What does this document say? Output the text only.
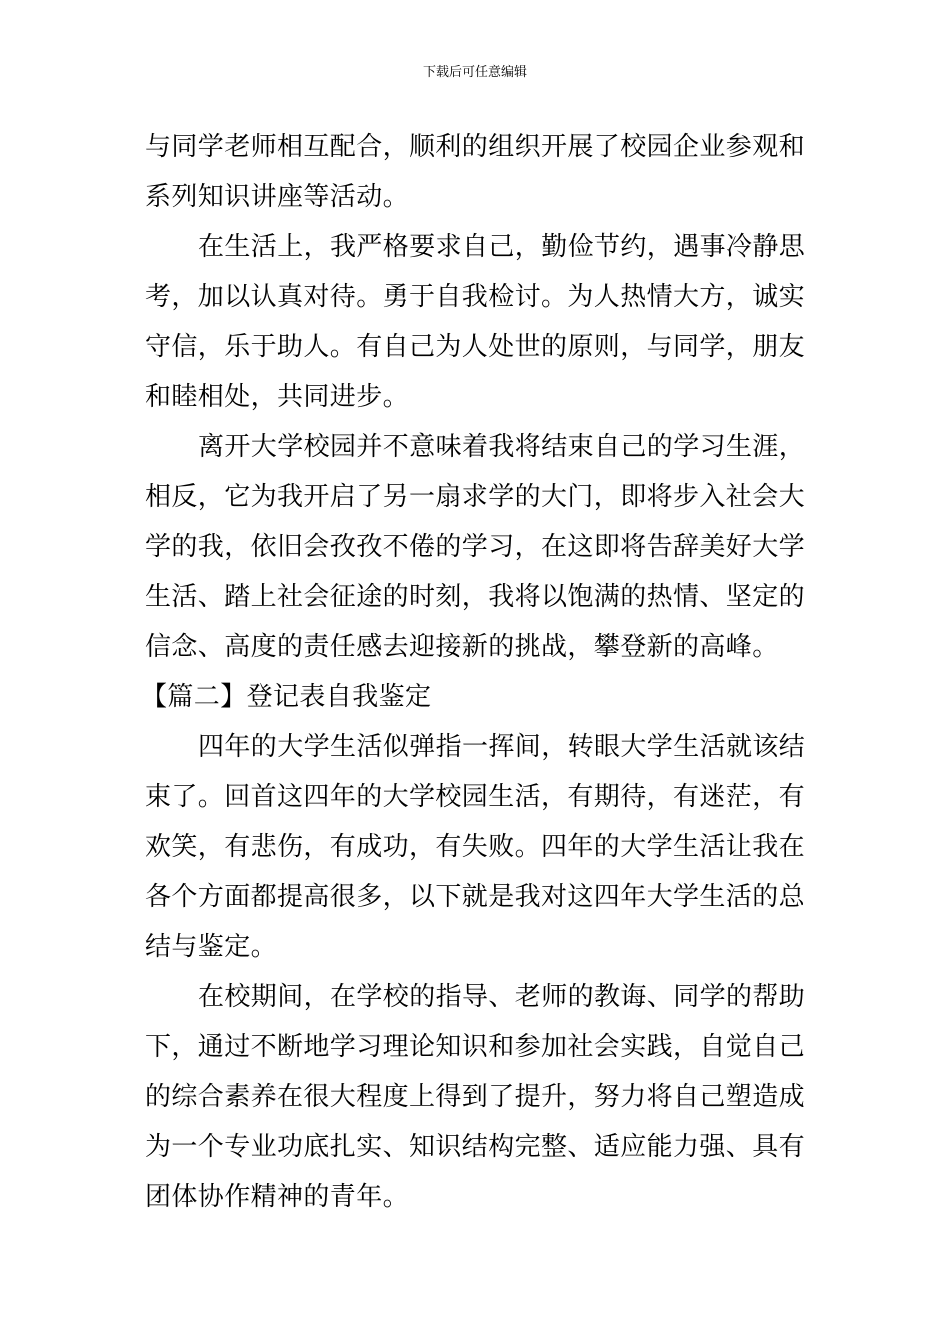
下载后可任意编辑
与同学老师相互配合，顺利的组织开展了校园企业参观和
系列知识讲座等活动。
在生活上，我严格要求自己，勤俭节约，遇事冷静思
考，加以认真对待。勇于自我检讨。为人热情大方，诚实
守信，乐于助人。有自己为人处世的原则，与同学，朋友
和睦相处，共同进步。
离开大学校园并不意味着我将结束自己的学习生涯，
相反，它为我开启了另一扇求学的大门，即将步入社会大
学的我，依旧会孜孜不倦的学习，在这即将告辞美好大学
生活、踏上社会征途的时刻，我将以饱满的热情、坚定的
信念、高度的责任感去迎接新的挑战，攀登新的高峰。
【篇二】登记表自我鉴定
四年的大学生活似弹指一挥间，转眼大学生活就该结
束了。回首这四年的大学校园生活，有期待，有迷茫，有
欢笑，有悲伤，有成功，有失败。四年的大学生活让我在
各个方面都提高很多，以下就是我对这四年大学生活的总
结与鉴定。
在校期间，在学校的指导、老师的教诲、同学的帮助
下，通过不断地学习理论知识和参加社会实践，自觉自己
的综合素养在很大程度上得到了提升，努力将自己塑造成
为一个专业功底扎实、知识结构完整、适应能力强、具有
团体协作精神的青年。
